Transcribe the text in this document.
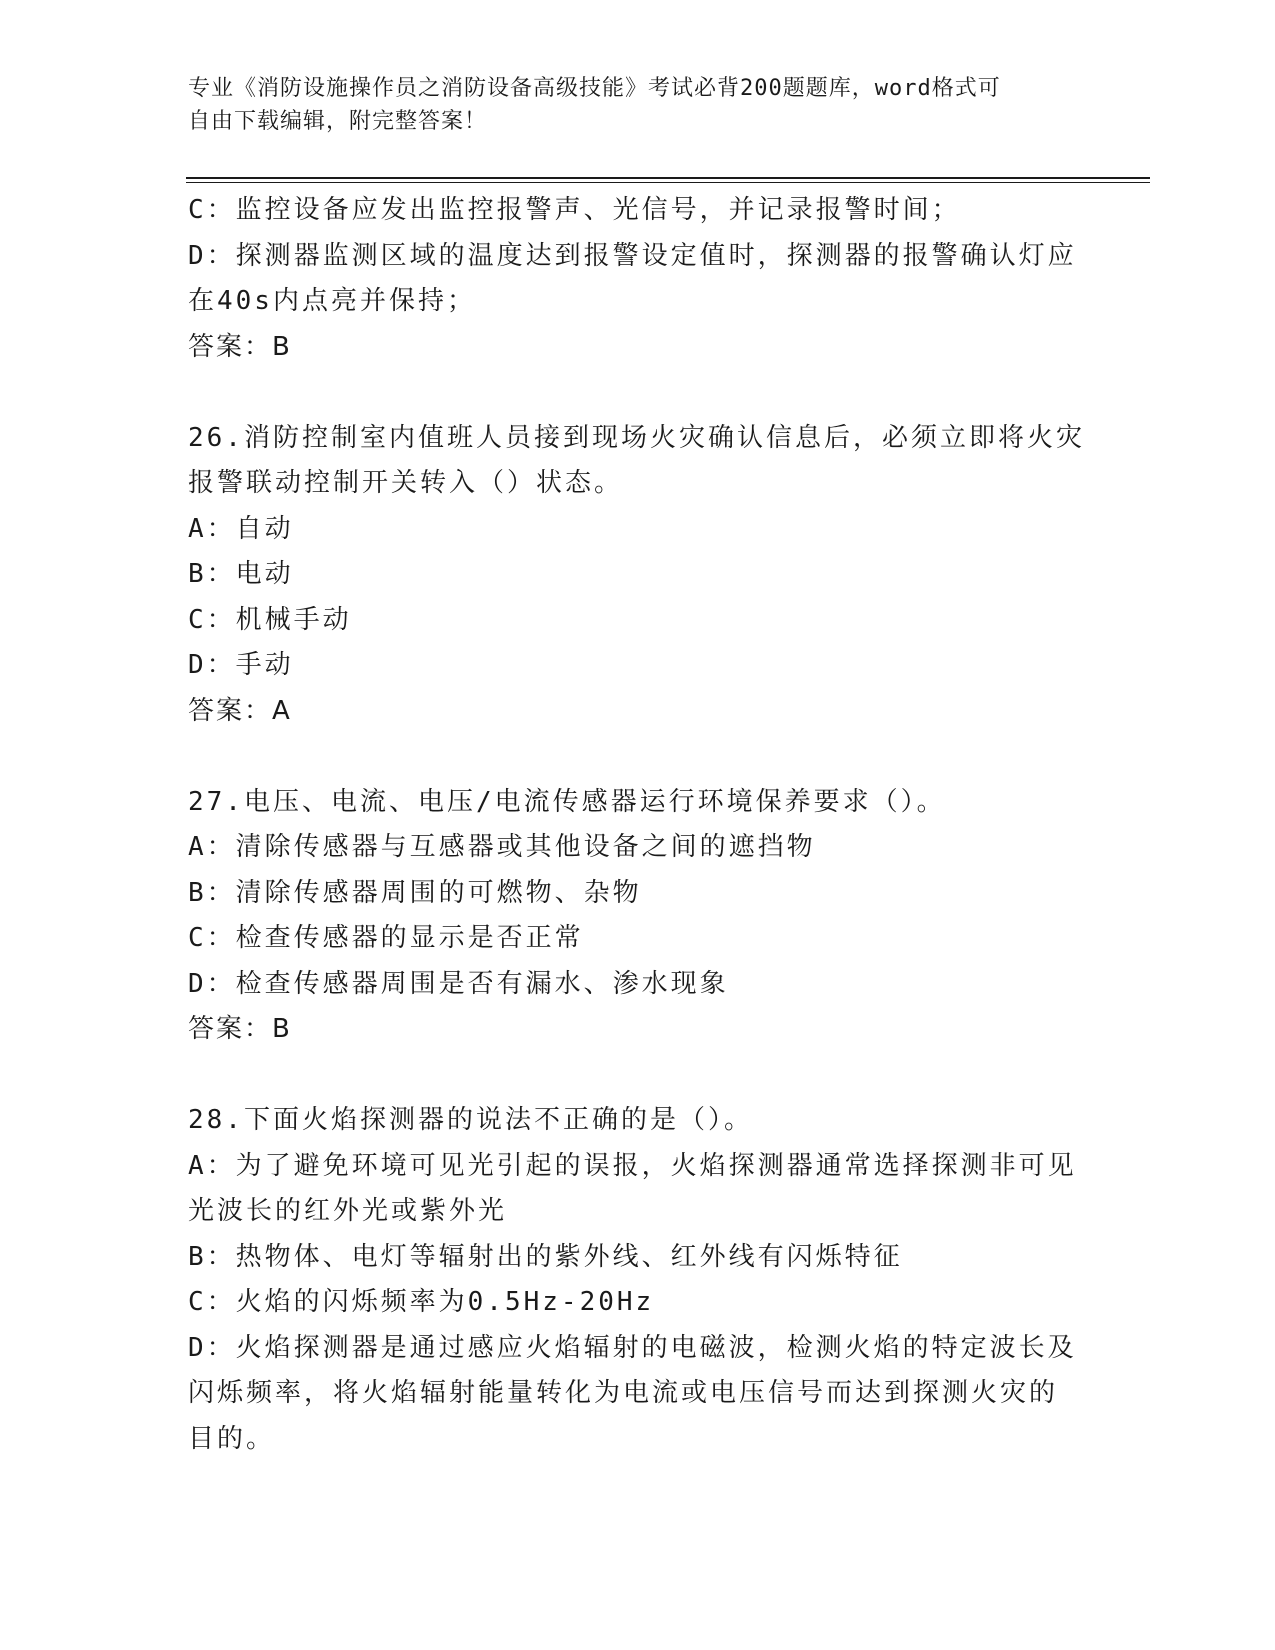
专业《消防设施操作员之消防设备高级技能》考试必背200题题库，word格式可
自由下载编辑，附完整答案！
C：监控设备应发出监控报警声、光信号，并记录报警时间；
D：探测器监测区域的温度达到报警设定值时，探测器的报警确认灯应
在40s内点亮并保持；
答案：B
26.消防控制室内值班人员接到现场火灾确认信息后，必须立即将火灾
报警联动控制开关转入（）状态。
A：自动
B：电动
C：机械手动
D：手动
答案：A
27.电压、电流、电压/电流传感器运行环境保养要求（）。
A：清除传感器与互感器或其他设备之间的遮挡物
B：清除传感器周围的可燃物、杂物
C：检查传感器的显示是否正常
D：检查传感器周围是否有漏水、渗水现象
答案：B
28.下面火焰探测器的说法不正确的是（）。
A：为了避免环境可见光引起的误报，火焰探测器通常选择探测非可见
光波长的红外光或紫外光
B：热物体、电灯等辐射出的紫外线、红外线有闪烁特征
C：火焰的闪烁频率为0.5Hz-20Hz
D：火焰探测器是通过感应火焰辐射的电磁波，检测火焰的特定波长及
闪烁频率，将火焰辐射能量转化为电流或电压信号而达到探测火灾的
目的。
